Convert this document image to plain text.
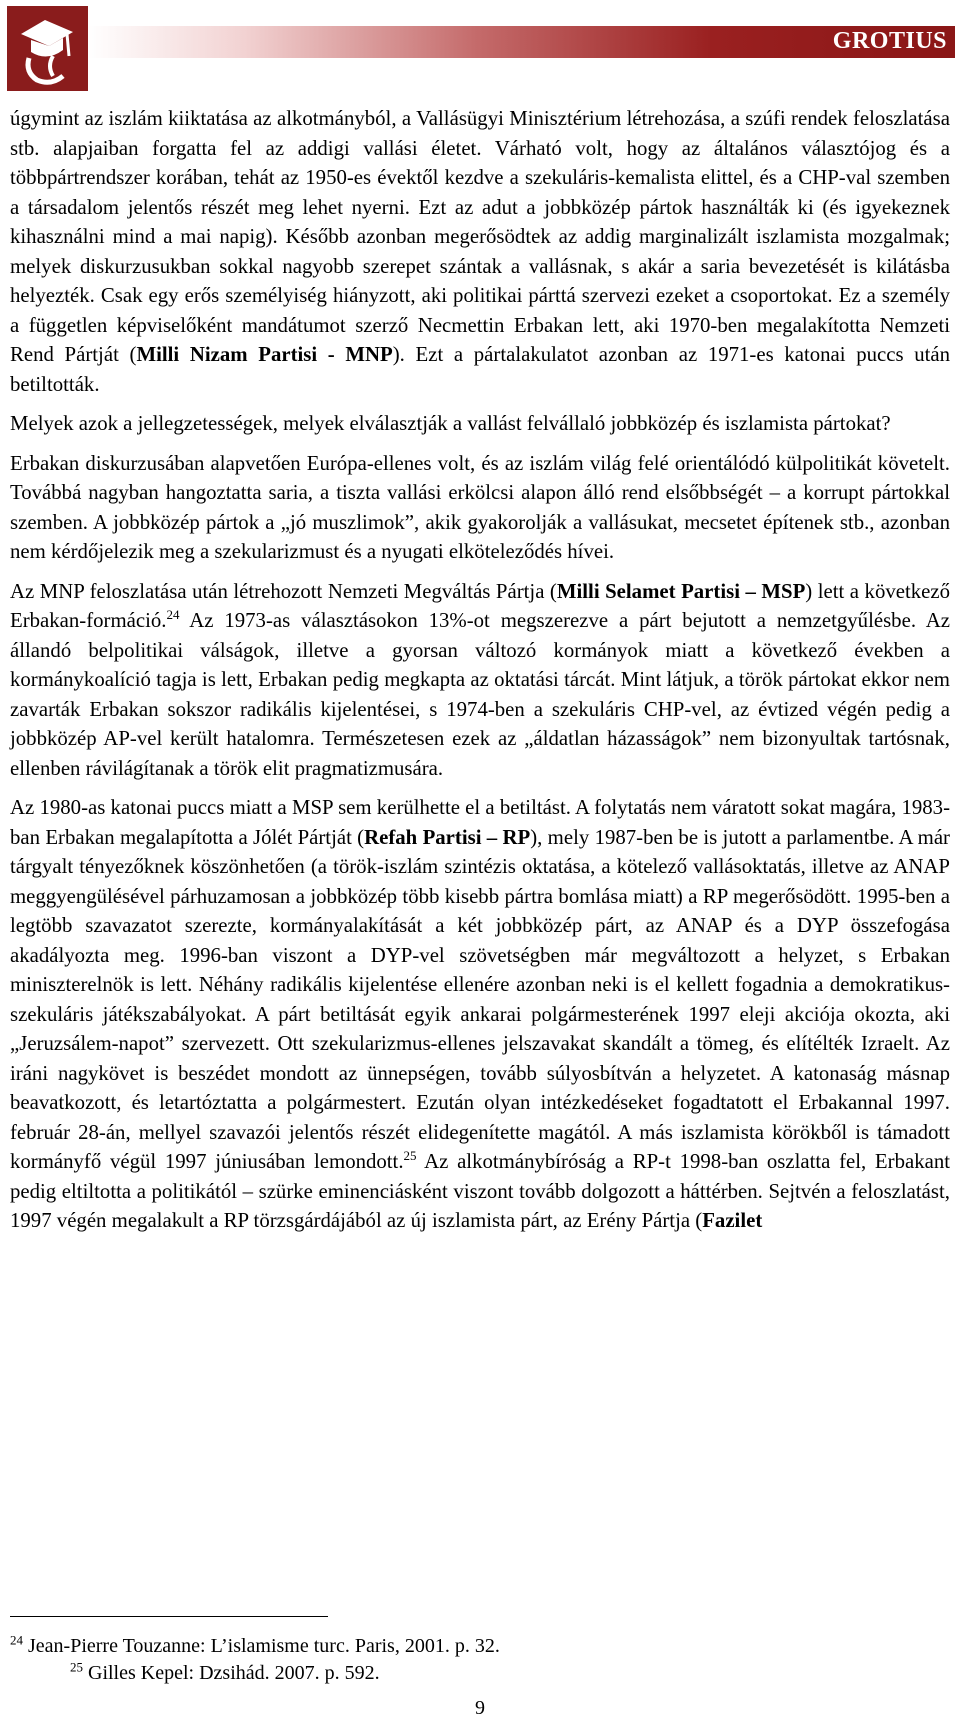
GROTIUS

úgymint az iszlám kiiktatása az alkotmányból, a Vallásügyi Minisztérium létrehozása, a szúfi rendek feloszlatása stb. alapjaiban forgatta fel az addigi vallási életet. Várható volt, hogy az általános választójog és a többpártrendszer korában, tehát az 1950-es évektől kezdve a szekuláris-kemalista elittel, és a CHP-val szemben a társadalom jelentős részét meg lehet nyerni. Ezt az adut a jobbközép pártok használták ki (és igyekeznek kihasználni mind a mai napig). Később azonban megerősödtek az addig marginalizált iszlamista mozgalmak; melyek diskurzusukban sokkal nagyobb szerepet szántak a vallásnak, s akár a saria bevezetését is kilátásba helyezték. Csak egy erős személyiség hiányzott, aki politikai párttá szervezi ezeket a csoportokat. Ez a személy a független képviselőként mandátumot szerző Necmettin Erbakan lett, aki 1970-ben megalakította Nemzeti Rend Pártját (Milli Nizam Partisi - MNP). Ezt a pártalakulatot azonban az 1971-es katonai puccs után betiltották.

Melyek azok a jellegzetességek, melyek elválasztják a vallást felvállaló jobbközép és iszlamista pártokat?

Erbakan diskurzusában alapvetően Európa-ellenes volt, és az iszlám világ felé orientálódó külpolitikát követelt. Továbbá nagyban hangoztatta saria, a tiszta vallási erkölcsi alapon álló rend elsőbbségét – a korrupt pártokkal szemben. A jobbközép pártok a „jó muszlimok”, akik gyakorolják a vallásukat, mecsetet építenek stb., azonban nem kérdőjelezik meg a szekularizmust és a nyugati elköteleződés hívei.

Az MNP feloszlatása után létrehozott Nemzeti Megváltás Pártja (Milli Selamet Partisi – MSP) lett a következő Erbakan-formáció.$^{24}$ Az 1973-as választásokon 13%-ot megszerezve a párt bejutott a nemzetgyűlésbe. Az állandó belpolitikai válságok, illetve a gyorsan változó kormányok miatt a következő években a kormánykoalíció tagja is lett, Erbakan pedig megkapta az oktatási tárcát. Mint látjuk, a török pártokat ekkor nem zavarták Erbakan sokszor radikális kijelentései, s 1974-ben a szekuláris CHP-vel, az évtized végén pedig a jobbközép AP-vel került hatalomra. Természetesen ezek az „áldatlan házasságok” nem bizonyultak tartósnak, ellenben rávilágítanak a török elit pragmatizmusára.

Az 1980-as katonai puccs miatt a MSP sem kerülhette el a betiltást. A folytatás nem váratott sokat magára, 1983-ban Erbakan megalapította a Jólét Pártját (Refah Partisi – RP), mely 1987-ben be is jutott a parlamentbe. A már tárgyalt tényezőknek köszönhetően (a török-iszlám szintézis oktatása, a kötelező vallásoktatás, illetve az ANAP meggyengülésével párhuzamosan a jobbközép több kisebb pártra bomlása miatt) a RP megerősödött. 1995-ben a legtöbb szavazatot szerezte, kormányalakítását a két jobbközép párt, az ANAP és a DYP összefogása akadályozta meg. 1996-ban viszont a DYP-vel szövetségben már megváltozott a helyzet, s Erbakan miniszterelnök is lett. Néhány radikális kijelentése ellenére azonban neki is el kellett fogadnia a demokratikus-szekuláris játékszabályokat. A párt betiltását egyik ankarai polgármesterének 1997 eleji akciója okozta, aki „Jeruzsálem-napot” szervezett. Ott szekularizmus-ellenes jelszavakat skandált a tömeg, és elítélték Izraelt. Az iráni nagykövet is beszédet mondott az ünnepségen, tovább súlyosbítván a helyzetet. A katonaság másnap beavatkozott, és letartóztatta a polgármestert. Ezután olyan intézkedéseket fogadtatott el Erbakannal 1997. február 28-án, mellyel szavazói jelentős részét elidegenítette magától. A más iszlamista körökből is támadott kormányfő végül 1997 júniusában lemondott.$^{25}$ Az alkotmánybíróság a RP-t 1998-ban oszlatta fel, Erbakant pedig eltiltotta a politikától – szürke eminenciásként viszont tovább dolgozott a háttérben. Sejtvén a feloszlatást, 1997 végén megalakult a RP törzsgárdájából az új iszlamista párt, az Erény Pártja (Fazilet

$^{24}$ Jean-Pierre Touzanne: L’islamisme turc. Paris, 2001. p. 32.
$^{25}$ Gilles Kepel: Dzsihád. 2007. p. 592.
9
